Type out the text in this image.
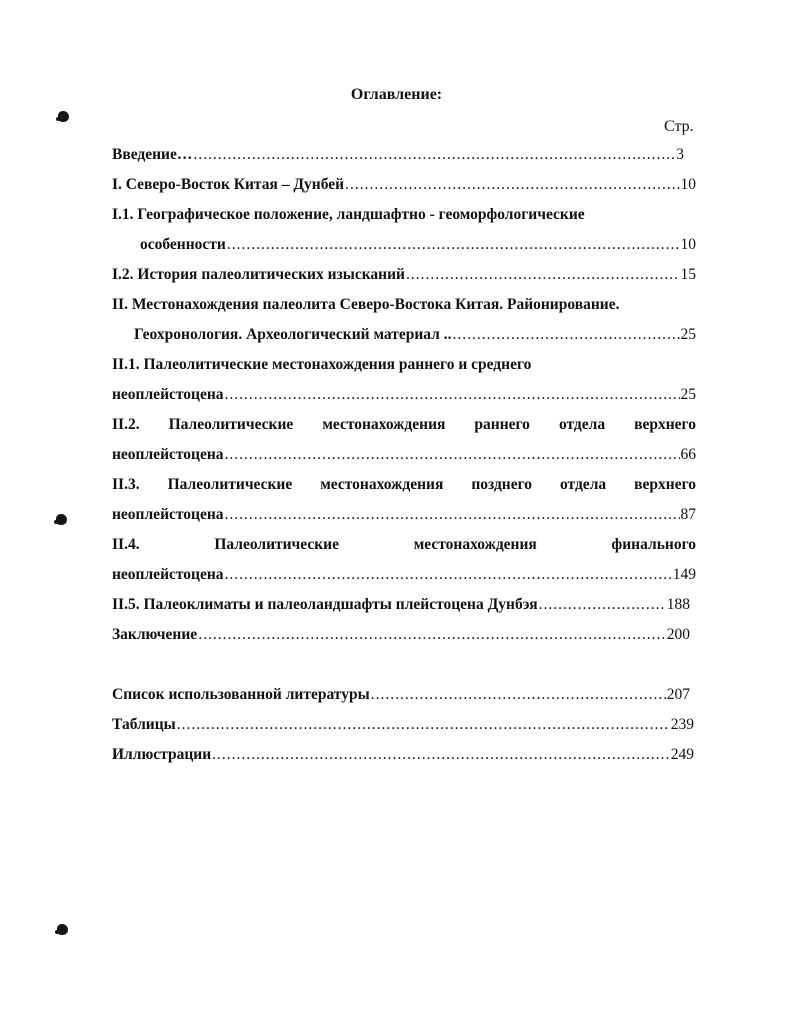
Оглавление:
Стр.
Введение… .....	3
I. Северо-Восток Китая – Дунбей .....	10
I.1. Географическое положение, ландшафтно - геоморфологические
особенности .....	10
I.2. История палеолитических изысканий .....	15
II. Местонахождения палеолита Северо-Востока Китая. Районирование.
Геохронология. Археологический материал .. .....	25
II.1. Палеолитические местонахождения раннего и среднего
неоплейстоцена .....	25
II.2. Палеолитические местонахождения раннего отдела верхнего
неоплейстоцена .....	66
II.3. Палеолитические местонахождения позднего отдела верхнего
неоплейстоцена .....	87
II.4.	Палеолитические	местонахождения	финального
неоплейстоцена .....	149
II.5. Палеоклиматы и палеоландшафты плейстоцена Дунбэя .....	188
Заключение .....	200
Список использованной литературы .....	207
Таблицы .....	239
Иллюстрации .....	249
